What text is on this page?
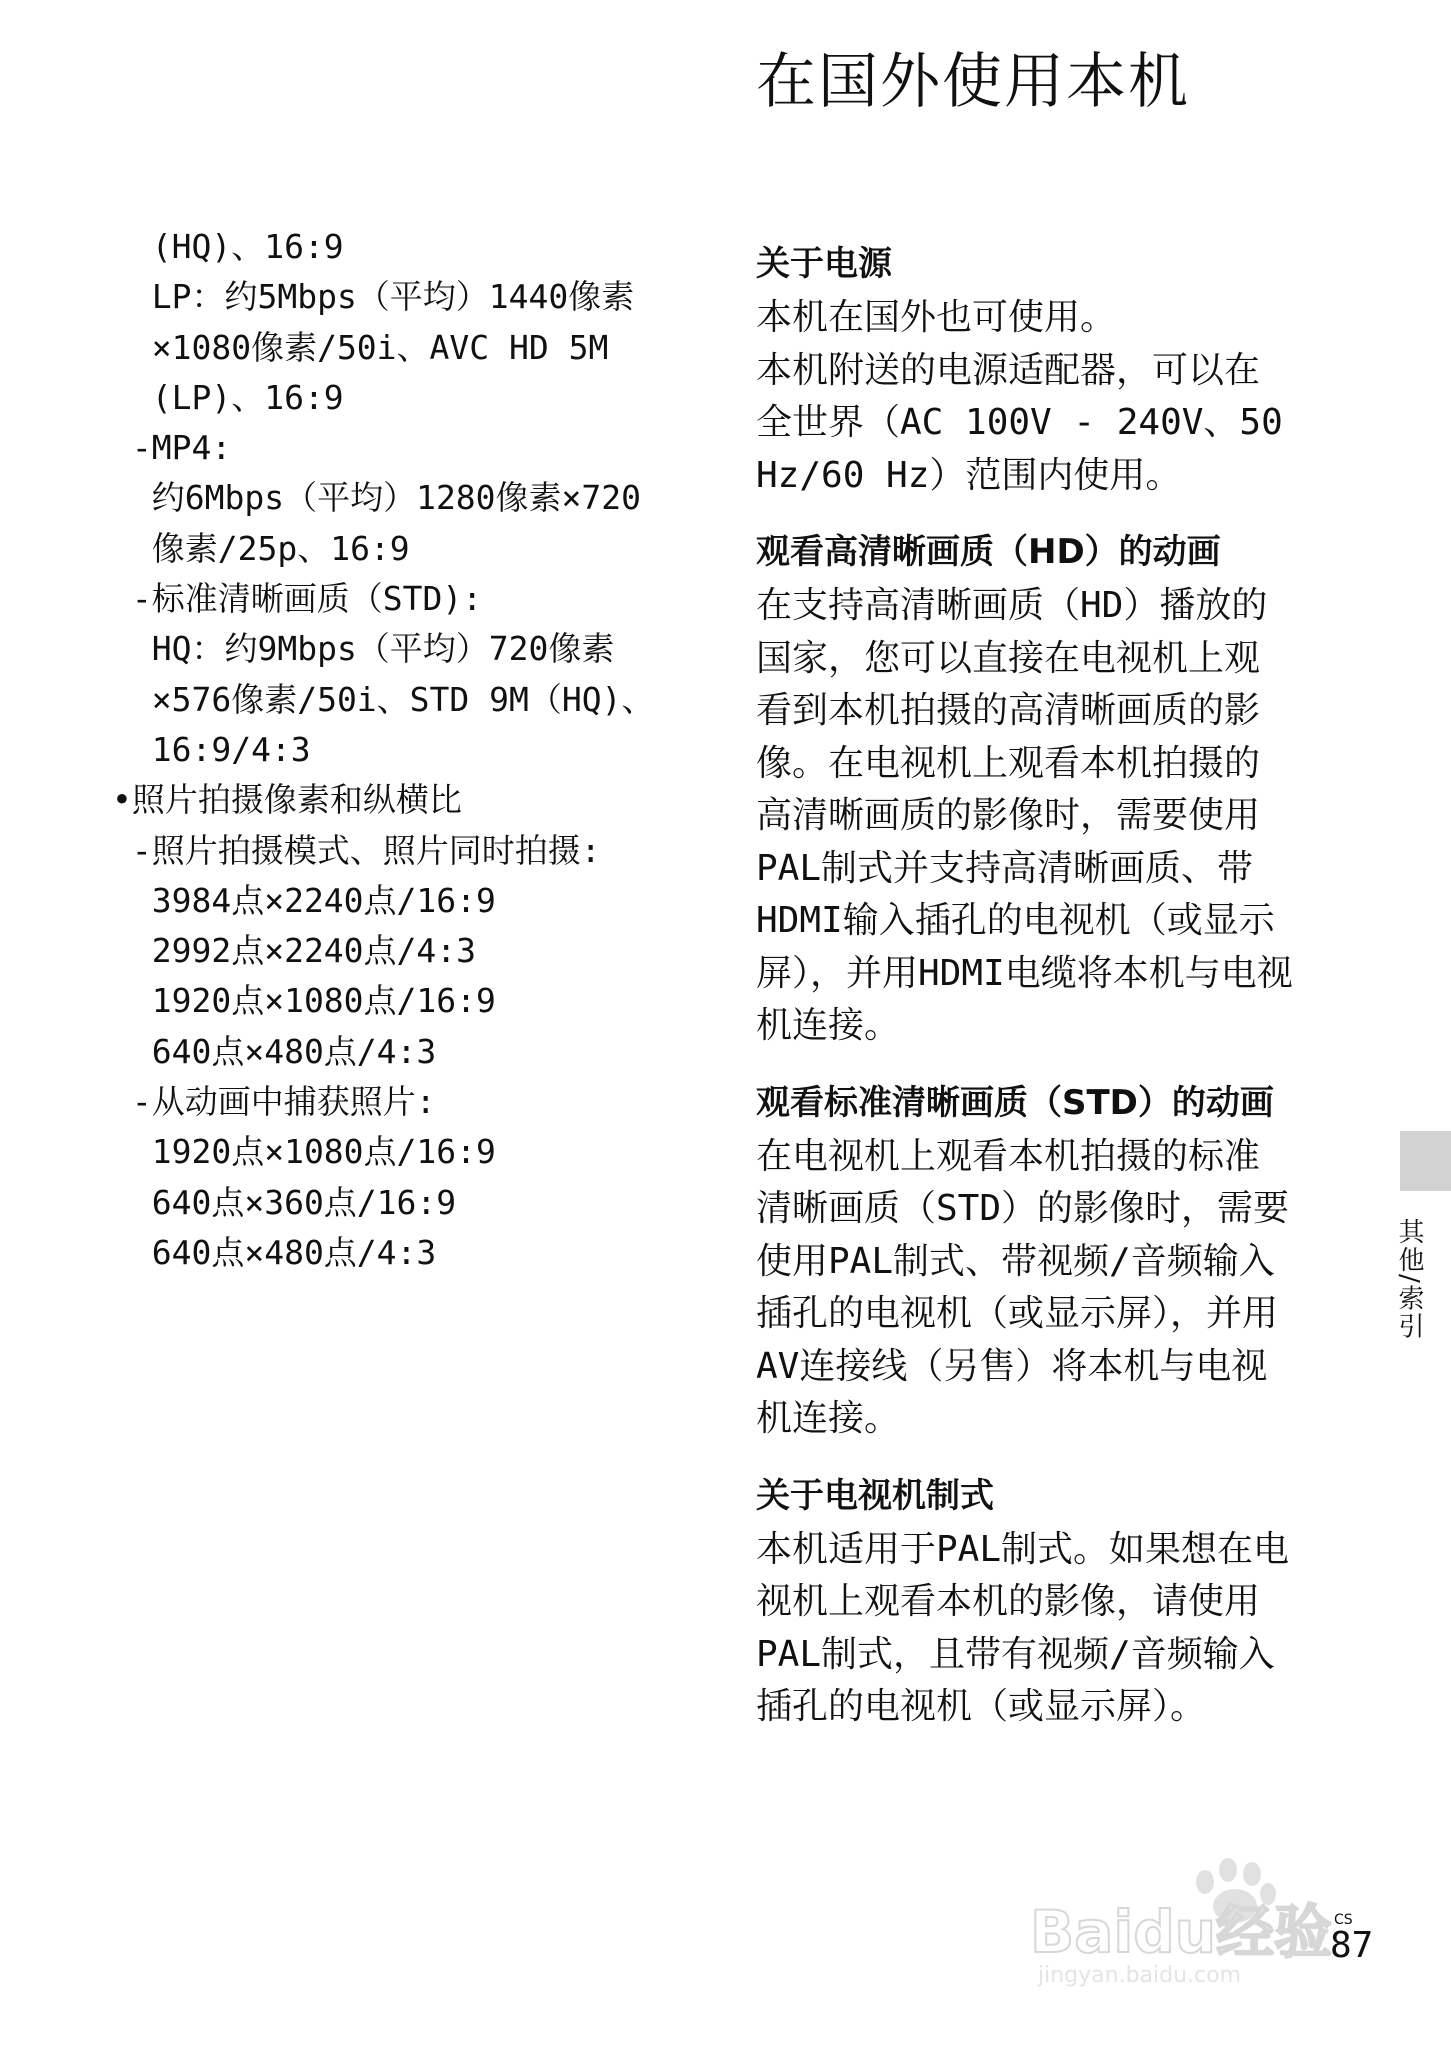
在国外使用本机
(HQ)、16:9
LP：约5Mbps（平均）1440像素
×1080像素/50i、AVC HD 5M
(LP)、16:9
-MP4:
约6Mbps（平均）1280像素×720
像素/25p、16:9
-标准清晰画质（STD):
HQ：约9Mbps（平均）720像素
×576像素/50i、STD 9M（HQ)、
16:9/4:3
•照片拍摄像素和纵横比
-照片拍摄模式、照片同时拍摄:
3984点×2240点/16:9
2992点×2240点/4:3
1920点×1080点/16:9
640点×480点/4:3
-从动画中捕获照片:
1920点×1080点/16:9
640点×360点/16:9
640点×480点/4:3
关于电源
本机在国外也可使用。
本机附送的电源适配器，可以在
全世界（AC 100V - 240V、50
Hz/60 Hz）范围内使用。
观看高清晰画质（HD）的动画
在支持高清晰画质（HD）播放的
国家，您可以直接在电视机上观
看到本机拍摄的高清晰画质的影
像。在电视机上观看本机拍摄的
高清晰画质的影像时，需要使用
PAL制式并支持高清晰画质、带
HDMI输入插孔的电视机（或显示
屏），并用HDMI电缆将本机与电视
机连接。
观看标准清晰画质（STD）的动画
在电视机上观看本机拍摄的标准
清晰画质（STD）的影像时，需要
使用PAL制式、带视频/音频输入
插孔的电视机（或显示屏），并用
AV连接线（另售）将本机与电视
机连接。
关于电视机制式
本机适用于PAL制式。如果想在电
视机上观看本机的影像，请使用
PAL制式，且带有视频/音频输入
插孔的电视机（或显示屏）。
其他/索引
CS
87
Baidu经验
jingyan.baidu.com
